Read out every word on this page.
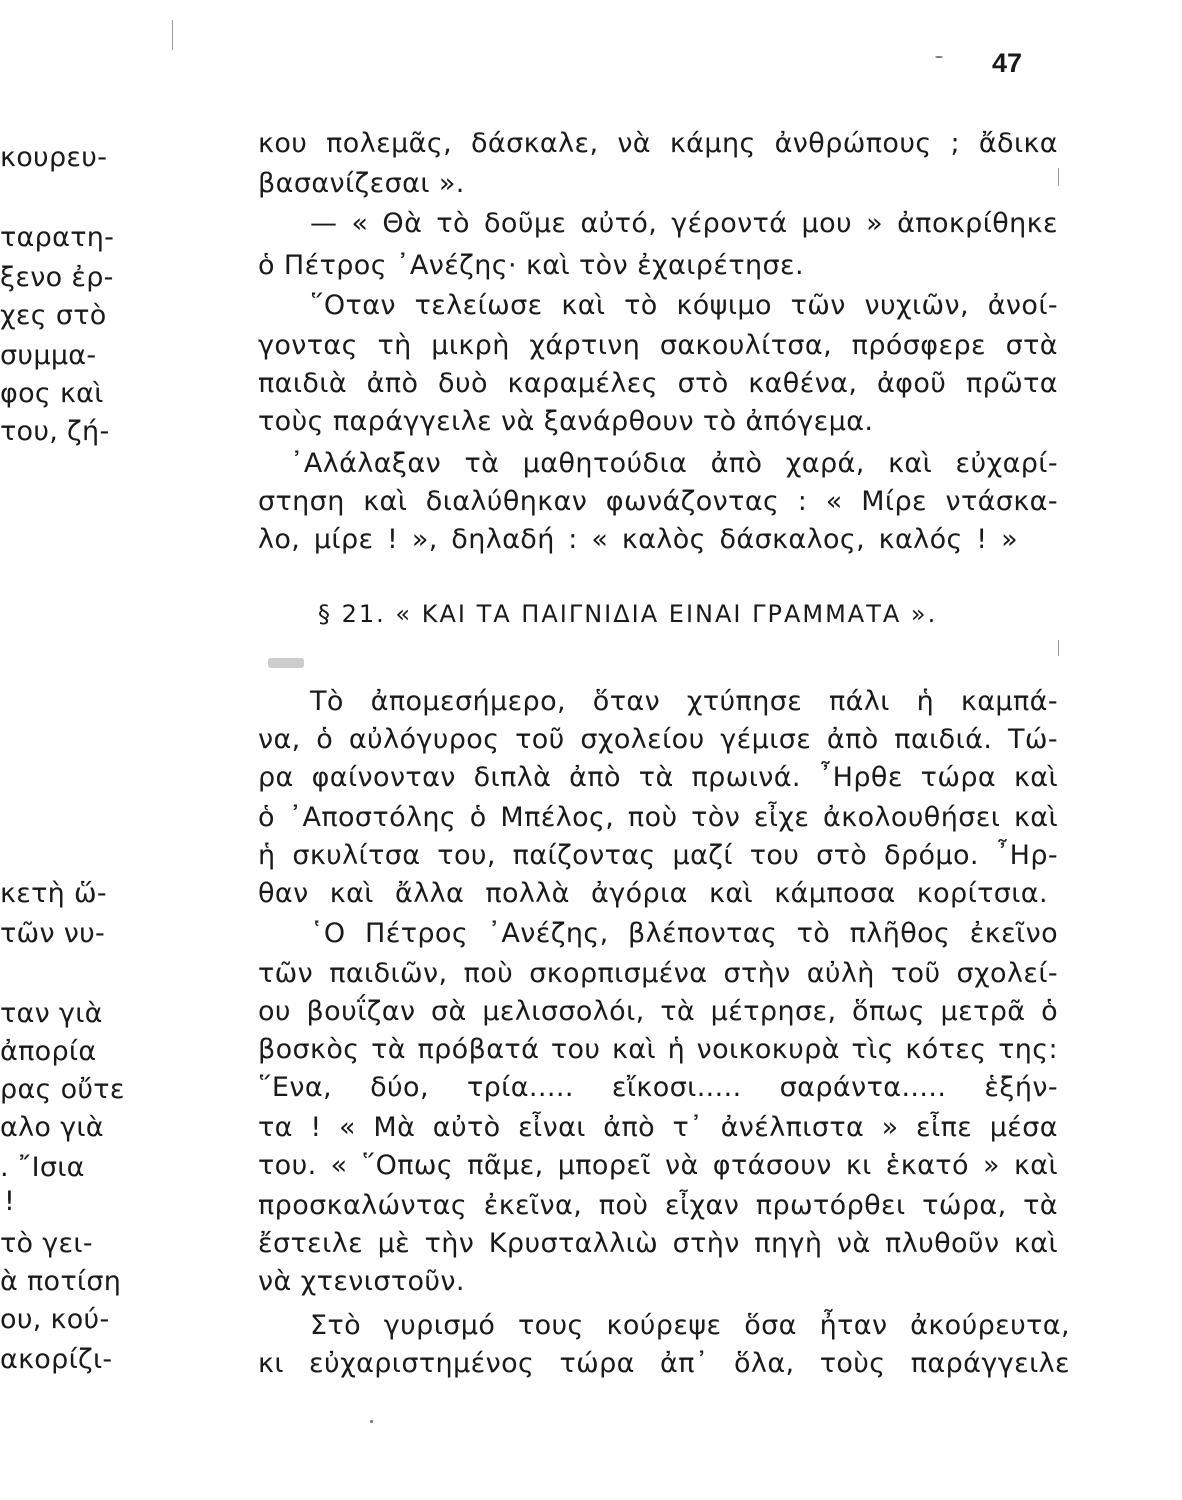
47
κουρευ-
ταρατη-
ξενο ἐρ-
χες στὸ
συμμα-
φος καὶ
του, ζή-
κετὴ ὥ-
τῶν νυ-
ταν γιὰ
ἀπορία
ρας οὔτε
αλο γιὰ
. ῎Ισια
!
τὸ γει-
ὰ ποτίση
ου, κού-
ακορίζι-
κου πολεμᾶς, δάσκαλε, νὰ κάμης ἀνθρώπους ; ἄδικα
βασανίζεσαι ».
— « Θὰ τὸ δοῦμε αὐτό, γέροντά μου » ἀποκρίθηκε
ὁ Πέτρος ᾿Ανέζης· καὶ τὸν ἐχαιρέτησε.
῞Οταν τελείωσε καὶ τὸ κόψιμο τῶν νυχιῶν, ἀνοί-
γοντας τὴ μικρὴ χάρτινη σακουλίτσα, πρόσφερε στὰ
παιδιὰ ἀπὸ δυὸ καραμέλες στὸ καθένα, ἀφοῦ πρῶτα
τοὺς παράγγειλε νὰ ξανάρθουν τὸ ἀπόγεμα.
᾿Αλάλαξαν τὰ μαθητούδια ἀπὸ χαρά, καὶ εὐχαρί-
στηση καὶ διαλύθηκαν φωνάζοντας : « Μίρε ντάσκα-
λο, μίρε ! », δηλαδή : « καλὸς δάσκαλος, καλός ! »
§ 21. « ΚΑΙ ΤΑ ΠΑΙΓΝΙΔΙΑ ΕΙΝΑΙ ΓΡΑΜΜΑΤΑ ».
Τὸ ἀπομεσήμερο, ὅταν χτύπησε πάλι ἡ καμπά-
να, ὁ αὐλόγυρος τοῦ σχολείου γέμισε ἀπὸ παιδιά. Τώ-
ρα φαίνονταν διπλὰ ἀπὸ τὰ πρωινά. ῏Ηρθε τώρα καὶ
ὁ ᾿Αποστόλης ὁ Μπέλος, ποὺ τὸν εἶχε ἀκολουθήσει καὶ
ἡ σκυλίτσα του, παίζοντας μαζί του στὸ δρόμο. ῏Ηρ-
θαν καὶ ἄλλα πολλὰ ἀγόρια καὶ κάμποσα κορίτσια.
῾Ο Πέτρος ᾿Ανέζης, βλέποντας τὸ πλῆθος ἐκεῖνο
τῶν παιδιῶν, ποὺ σκορπισμένα στὴν αὐλὴ τοῦ σχολεί-
ου βουΐζαν σὰ μελισσολόι, τὰ μέτρησε, ὅπως μετρᾶ ὁ
βοσκὸς τὰ πρόβατά του καὶ ἡ νοικοκυρὰ τὶς κότες της:
῞Ενα, δύο, τρία..... εἴκοσι..... σαράντα..... ἑξήν-
τα ! « Μὰ αὐτὸ εἶναι ἀπὸ τ᾿ ἀνέλπιστα » εἶπε μέσα
του. « ῞Οπως πᾶμε, μπορεῖ νὰ φτάσουν κι ἑκατό » καὶ
προσκαλώντας ἐκεῖνα, ποὺ εἶχαν πρωτόρθει τώρα, τὰ
ἔστειλε μὲ τὴν Κρυσταλλιὼ στὴν πηγὴ νὰ πλυθοῦν καὶ
νὰ χτενιστοῦν.
Στὸ γυρισμό τους κούρεψε ὅσα ἦταν ἀκούρευτα,
κι εὐχαριστημένος τώρα ἀπ᾿ ὅλα, τοὺς παράγγειλε
